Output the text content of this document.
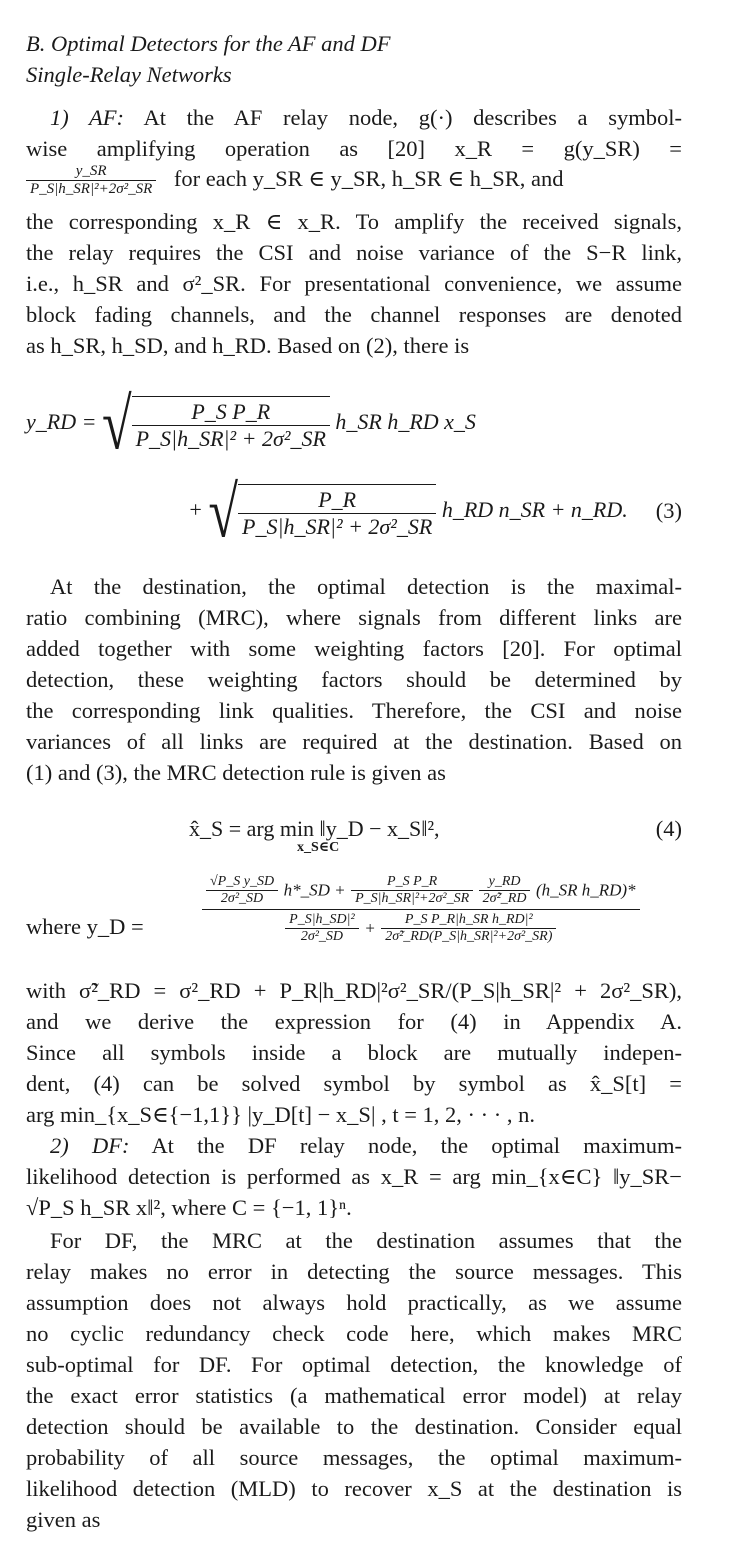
B. Optimal Detectors for the AF and DF
Single-Relay Networks
1) AF: At the AF relay node, g(·) describes a symbol-
wise amplifying operation as [20] x_R = g(y_SR) =
$\frac{y\_SR}{\text{P\_S|h\_SR|²+2σ²\_SR}}$ for each y_SR ∈ y_SR, h_SR ∈ h_SR, and
the corresponding x_R ∈ x_R. To amplify the received signals,
the relay requires the CSI and noise variance of the S−R link,
i.e., h_SR and σ²_SR. For presentational convenience, we assume
block fading channels, and the channel responses are denoted
as h_SR, h_SD, and h_RD. Based on (2), there is
y_RD = √ $\frac{\text{P\_S P\_R}}{\text{P\_S|h\_SR|² + 2σ²\_SR}}$ h_SR h_RD x_S
+ √ $\frac{P\_R}{\text{P\_S|h\_SR|² + 2σ²\_SR}}$ h_RD n_SR + n_RD. (3)
At the destination, the optimal detection is the maximal-
ratio combining (MRC), where signals from different links are
added together with some weighting factors [20]. For optimal
detection, these weighting factors should be determined by
the corresponding link qualities. Therefore, the CSI and noise
variances of all links are required at the destination. Based on
(1) and (3), the MRC detection rule is given as
x̂_S = arg min ‖y_D − x_S‖²,
x_S∈C
(4)
where y_D =
$\frac{\text{√P\_S y\_SD}}{\text{2σ²\_SD}}$ h*_SD + $\frac{\text{P\_S P\_R}}{\text{P\_S|h\_SR|²+2σ²\_SR}}$
$\frac{y\_RD}{\text{2σ̃²\_RD}}$ (h_SR h_RD)*
$\frac{\text{P\_S|h\_SD|²}}{\text{2σ²\_SD}} + \frac{\text{P\_S P\_R|h\_SR h\_RD|²}}{\text{2σ̃²\_RD(P\_S|h\_SR|²+2σ²\_SR)}}$
with σ̃²_RD = σ²_RD + P_R|h_RD|²σ²_SR/(P_S|h_SR|² + 2σ²_SR),
and we derive the expression for (4) in Appendix A.
Since all symbols inside a block are mutually indepen-
dent, (4) can be solved symbol by symbol as x̂_S[t] =
arg min_{x_S∈{−1,1}} |y_D[t] − x_S| , t = 1, 2, · · · , n.
2) DF: At the DF relay node, the optimal maximum-
likelihood detection is performed as x_R = arg min_{x∈C} ‖y_SR−
√P_S h_SR x‖², where C = {−1, 1}ⁿ.
For DF, the MRC at the destination assumes that the
relay makes no error in detecting the source messages. This
assumption does not always hold practically, as we assume
no cyclic redundancy check code here, which makes MRC
sub-optimal for DF. For optimal detection, the knowledge of
the exact error statistics (a mathematical error model) at relay
detection should be available to the destination. Consider equal
probability of all source messages, the optimal maximum-
likelihood detection (MLD) to recover x_S at the destination is
given as
